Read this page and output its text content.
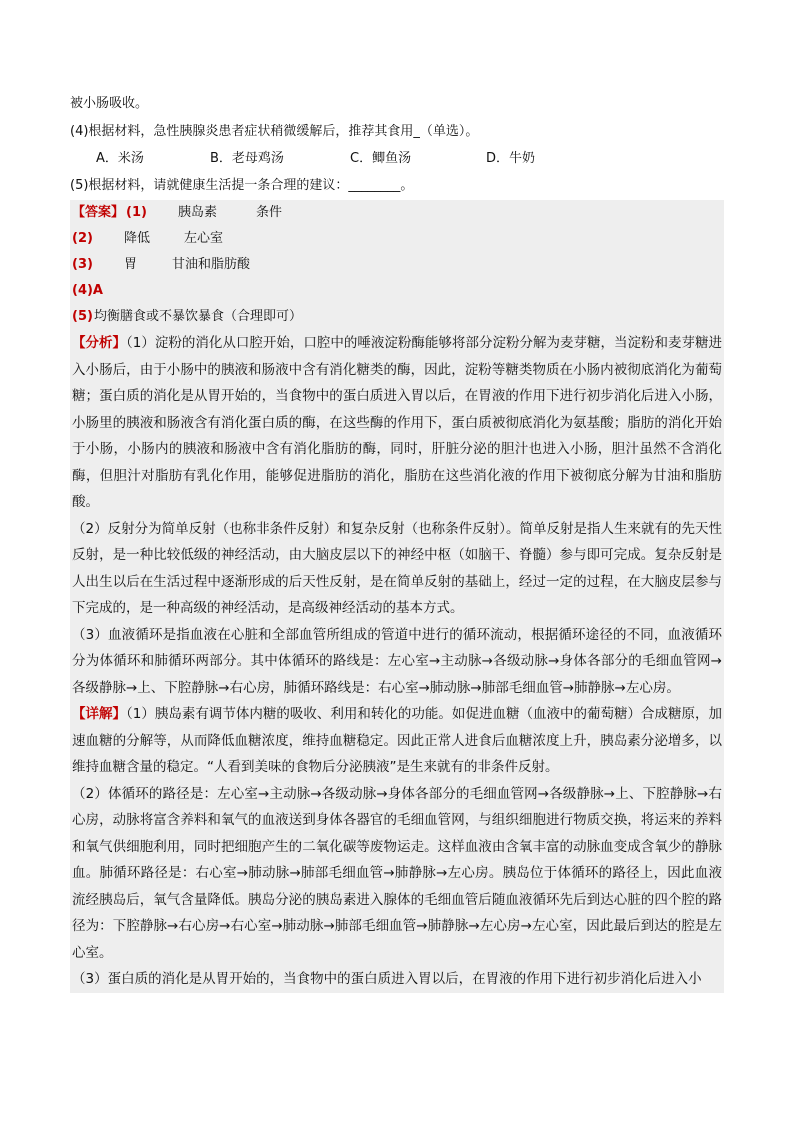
被小肠吸收。
(4)根据材料，急性胰腺炎患者症状稍微缓解后，推荐其食用_（单选）。
A．米汤	B．老母鸡汤	C．鲫鱼汤	D．牛奶
(5)根据材料，请就健康生活提一条合理的建议：________。
【答案】 (1) 胰岛素	条件
(2) 降低	左心室
(3) 胃	甘油和脂肪酸
(4)A
(5) 均衡膳食或不暴饮暴食（合理即可）

【分析】（1）淀粉的消化从口腔开始，口腔中的唾液淀粉酶能够将部分淀粉分解为麦芽糖，当淀粉和麦芽糖进入小肠后，由于小肠中的胰液和肠液中含有消化糖类的酶，因此，淀粉等糖类物质在小肠内被彻底消化为葡萄糖；蛋白质的消化是从胃开始的，当食物中的蛋白质进入胃以后，在胃液的作用下进行初步消化后进入小肠，小肠里的胰液和肠液含有消化蛋白质的酶，在这些酶的作用下，蛋白质被彻底消化为氨基酸；脂肪的消化开始于小肠，小肠内的胰液和肠液中含有消化脂肪的酶，同时，肝脏分泌的胆汁也进入小肠，胆汁虽然不含消化酶，但胆汁对脂肪有乳化作用，能够促进脂肪的消化，脂肪在这些消化液的作用下被彻底分解为甘油和脂肪酸。

（2）反射分为简单反射（也称非条件反射）和复杂反射（也称条件反射）。简单反射是指人生来就有的先天性反射，是一种比较低级的神经活动，由大脑皮层以下的神经中枢（如脑干、脊髓）参与即可完成。复杂反射是人出生以后在生活过程中逐渐形成的后天性反射，是在简单反射的基础上，经过一定的过程，在大脑皮层参与下完成的，是一种高级的神经活动，是高级神经活动的基本方式。

（3）血液循环是指血液在心脏和全部血管所组成的管道中进行的循环流动，根据循环途径的不同，血液循环分为体循环和肺循环两部分。其中体循环的路线是：左心室→主动脉→各级动脉→身体各部分的毛细血管网→各级静脉→上、下腔静脉→右心房，肺循环路线是：右心室→肺动脉→肺部毛细血管→肺静脉→左心房。

【详解】（1）胰岛素有调节体内糖的吸收、利用和转化的功能。如促进血糖（血液中的葡萄糖）合成糖原，加速血糖的分解等，从而降低血糖浓度，维持血糖稳定。因此正常人进食后血糖浓度上升，胰岛素分泌增多，以维持血糖含量的稳定。“人看到美味的食物后分泌胰液”是生来就有的非条件反射。

（2）体循环的路径是：左心室→主动脉→各级动脉→身体各部分的毛细血管网→各级静脉→上、下腔静脉→右心房，动脉将富含养料和氧气的血液送到身体各器官的毛细血管网，与组织细胞进行物质交换，将运来的养料和氧气供细胞利用，同时把细胞产生的二氧化碳等废物运走。这样血液由含氧丰富的动脉血变成含氧少的静脉血。肺循环路径是：右心室→肺动脉→肺部毛细血管→肺静脉→左心房。胰岛位于体循环的路径上，因此血液流经胰岛后，氧气含量降低。胰岛分泌的胰岛素进入腺体的毛细血管后随血液循环先后到达心脏的四个腔的路径为：下腔静脉→右心房→右心室→肺动脉→肺部毛细血管→肺静脉→左心房→左心室，因此最后到达的腔是左心室。

（3）蛋白质的消化是从胃开始的，当食物中的蛋白质进入胃以后，在胃液的作用下进行初步消化后进入小
